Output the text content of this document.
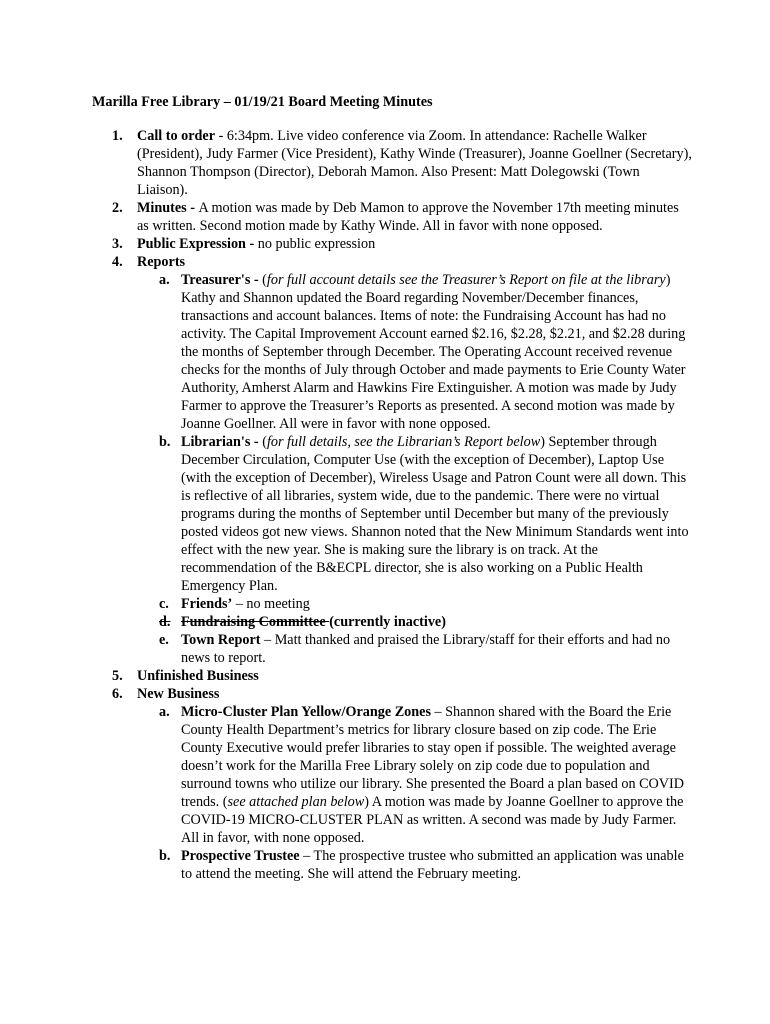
Marilla Free Library – 01/19/21 Board Meeting Minutes
1. Call to order - 6:34pm. Live video conference via Zoom. In attendance: Rachelle Walker (President), Judy Farmer (Vice President), Kathy Winde (Treasurer), Joanne Goellner (Secretary), Shannon Thompson (Director), Deborah Mamon. Also Present: Matt Dolegowski (Town Liaison).
2. Minutes - A motion was made by Deb Mamon to approve the November 17th meeting minutes as written. Second motion made by Kathy Winde. All in favor with none opposed.
3. Public Expression - no public expression
4. Reports
a. Treasurer's - (for full account details see the Treasurer’s Report on file at the library) Kathy and Shannon updated the Board regarding November/December finances, transactions and account balances. Items of note: the Fundraising Account has had no activity. The Capital Improvement Account earned $2.16, $2.28, $2.21, and $2.28 during the months of September through December. The Operating Account received revenue checks for the months of July through October and made payments to Erie County Water Authority, Amherst Alarm and Hawkins Fire Extinguisher. A motion was made by Judy Farmer to approve the Treasurer’s Reports as presented. A second motion was made by Joanne Goellner. All were in favor with none opposed.
b. Librarian's - (for full details, see the Librarian’s Report below) September through December Circulation, Computer Use (with the exception of December), Laptop Use (with the exception of December), Wireless Usage and Patron Count were all down. This is reflective of all libraries, system wide, due to the pandemic. There were no virtual programs during the months of September until December but many of the previously posted videos got new views. Shannon noted that the New Minimum Standards went into effect with the new year. She is making sure the library is on track. At the recommendation of the B&ECPL director, she is also working on a Public Health Emergency Plan.
c. Friends’ – no meeting
d. Fundraising Committee (currently inactive)
e. Town Report – Matt thanked and praised the Library/staff for their efforts and had no news to report.
5. Unfinished Business
6. New Business
a. Micro-Cluster Plan Yellow/Orange Zones – Shannon shared with the Board the Erie County Health Department’s metrics for library closure based on zip code. The Erie County Executive would prefer libraries to stay open if possible. The weighted average doesn’t work for the Marilla Free Library solely on zip code due to population and surround towns who utilize our library. She presented the Board a plan based on COVID trends. (see attached plan below) A motion was made by Joanne Goellner to approve the COVID-19 MICRO-CLUSTER PLAN as written. A second was made by Judy Farmer. All in favor, with none opposed.
b. Prospective Trustee – The prospective trustee who submitted an application was unable to attend the meeting. She will attend the February meeting.
